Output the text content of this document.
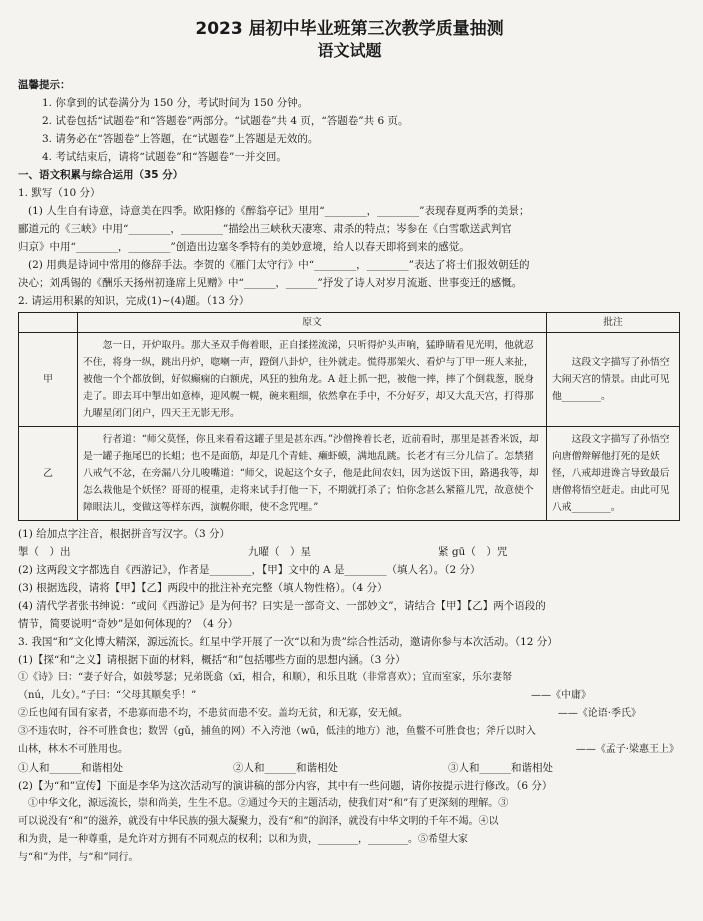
2023 届初中毕业班第三次教学质量抽测
语文试题
温馨提示：
1. 你拿到的试卷满分为 150 分，考试时间为 150 分钟。
2. 试卷包括“试题卷”和“答题卷”两部分。“试题卷”共 4 页，“答题卷”共 6 页。
3. 请务必在“答题卷”上答题，在“试题卷”上答题是无效的。
4. 考试结束后，请将“试题卷”和“答题卷”一并交回。
一、语文积累与综合运用（35 分）
1. 默写（10 分）
(1) 人生自有诗意，诗意美在四季。欧阳修的《醉翁亭记》里用“________，________”表现春夏两季的美景；
郦道元的《三峡》中用“________，________”描绘出三峡秋天凄寒、肃杀的特点；岑参在《白雪歌送武判官
归京》中用“________，________”创造出边塞冬季特有的美妙意境，给人以春天即将到来的感觉。
(2) 用典是诗词中常用的修辞手法。李贺的《雁门太守行》中“________，________”表达了将士们报效朝廷的
决心；刘禹锡的《酬乐天扬州初逢席上见赠》中“______，______”抒发了诗人对岁月流逝、世事变迁的感慨。
2. 请运用积累的知识，完成(1)~(4)题。（13 分）
	原文	批注
甲	忽一日，开炉取丹。那大圣双手侮着眼，正自揉搓流涕，只听得炉头声响，猛睁睛看见光明，他就忍不住，将身一纵，跳出丹炉，唿喇一声，蹬倒八卦炉，往外就走。慌得那架火、看炉与丁甲一班人来扯，被他一个个都放倒，好似癫痫的白额虎，风狂的独角龙。A 赶上抓一把，被他一摔，摔了个倒栽葱，脱身走了。即去耳中掣出如意棒，迎风幌一幌，碗来粗细，依然拿在手中，不分好歹，却又大乱天宫，打得那九曜星闭门闭户，四天王无影无形。	这段文字描写了孙悟空大闹天宫的情景。由此可见他________。
乙	行者道：“师父莫怪，你且来看看这罐子里是甚东西。”沙僧搀着长老，近前看时，那里是甚香米饭，却是一罐子拖尾巴的长蛆；也不是面筋，却是几个青蛙、癞虾蟆，满地乱跳。长老才有三分儿信了。怎禁猪八戒气不忿，在旁漏八分儿唆嘴道：“师父，说起这个女子，他是此间农妇，因为送饭下田，路遇我等，却怎么栽他是个妖怪？哥哥的棍重，走将来试手打他一下，不期就打杀了；怕你念甚么紧箍儿咒，故意使个障眼法儿，变做这等样东西，演幌你眼，使不念咒哩。”	这段文字描写了孙悟空向唐僧辩解他打死的是妖怪，八戒却进谗言导致最后唐僧将悟空赶走。由此可见八戒________。
(1) 给加点字注音，根据拼音写汉字。（3 分）
掣（　）出	九曜（　）星	紧 gū（　）咒
(2) 这两段文字都选自《西游记》，作者是________，【甲】文中的 A 是________（填人名）。（2 分）
(3) 根据选段，请将【甲】【乙】两段中的批注补充完整（填人物性格）。（4 分）
(4) 清代学者张书绅说：“或问《西游记》是为何书？曰实是一部奇文、一部妙文”，请结合【甲】【乙】两个语段的
情节，简要说明“奇妙”是如何体现的？（4 分）
3. 我国“和”文化博大精深，源远流长。红星中学开展了一次“以和为贵”综合性活动，邀请你参与本次活动。（12 分）
(1)【探“和”之义】请根据下面的材料，概括“和”包括哪些方面的思想内涵。（3 分）
①《诗》曰：“妻子好合，如鼓琴瑟；兄弟既翕（xī，相合，和顺），和乐且耽（非常喜欢）；宜而室家，乐尔妻帑
（nú，儿女）。”子曰：“父母其顺矣乎！”	——《中庸》
②丘也闻有国有家者，不患寡而患不均，不患贫而患不安。盖均无贫，和无寡，安无倾。	——《论语·季氏》
③不违农时，谷不可胜食也；数罟（gǔ，捕鱼的网）不入洿池（wū，低洼的地方）池，鱼鳖不可胜食也；斧斤以时入
山林，林木不可胜用也。	——《孟子·梁惠王上》
①人和______和谐相处	②人和______和谐相处	③人和______和谐相处
(2)【为“和”宣传】下面是李华为这次活动写的演讲稿的部分内容，其中有一些问题，请你按提示进行修改。（6 分）
①中华文化，源远流长，崇和尚美，生生不息。②通过今天的主题活动，使我们对“和”有了更深刻的理解。③
可以说没有“和”的滋养，就没有中华民族的强大凝聚力，没有“和”的润泽，就没有中华文明的千年不竭。④以
和为贵，是一种尊重，是允许对方拥有不同观点的权利；以和为贵，________，________。⑤希望大家
与“和”为伴，与“和”同行。
